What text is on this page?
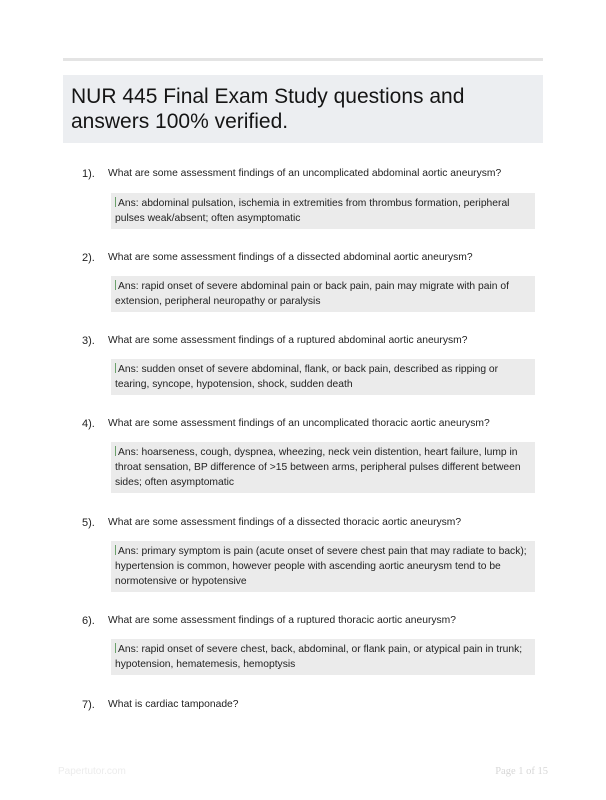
NUR 445 Final Exam Study questions and answers 100% verified.
1). What are some assessment findings of an uncomplicated abdominal aortic aneurysm?
Ans: abdominal pulsation, ischemia in extremities from thrombus formation, peripheral pulses weak/absent; often asymptomatic
2). What are some assessment findings of a dissected abdominal aortic aneurysm?
Ans: rapid onset of severe abdominal pain or back pain, pain may migrate with pain of extension, peripheral neuropathy or paralysis
3). What are some assessment findings of a ruptured abdominal aortic aneurysm?
Ans: sudden onset of severe abdominal, flank, or back pain, described as ripping or tearing, syncope, hypotension, shock, sudden death
4). What are some assessment findings of an uncomplicated thoracic aortic aneurysm?
Ans: hoarseness, cough, dyspnea, wheezing, neck vein distention, heart failure, lump in throat sensation, BP difference of >15 between arms, peripheral pulses different between sides; often asymptomatic
5). What are some assessment findings of a dissected thoracic aortic aneurysm?
Ans: primary symptom is pain (acute onset of severe chest pain that may radiate to back); hypertension is common, however people with ascending aortic aneurysm tend to be normotensive or hypotensive
6). What are some assessment findings of a ruptured thoracic aortic aneurysm?
Ans: rapid onset of severe chest, back, abdominal, or flank pain, or atypical pain in trunk; hypotension, hematemesis, hemoptysis
7). What is cardiac tamponade?
Papertutor.com	Page 1 of 15
